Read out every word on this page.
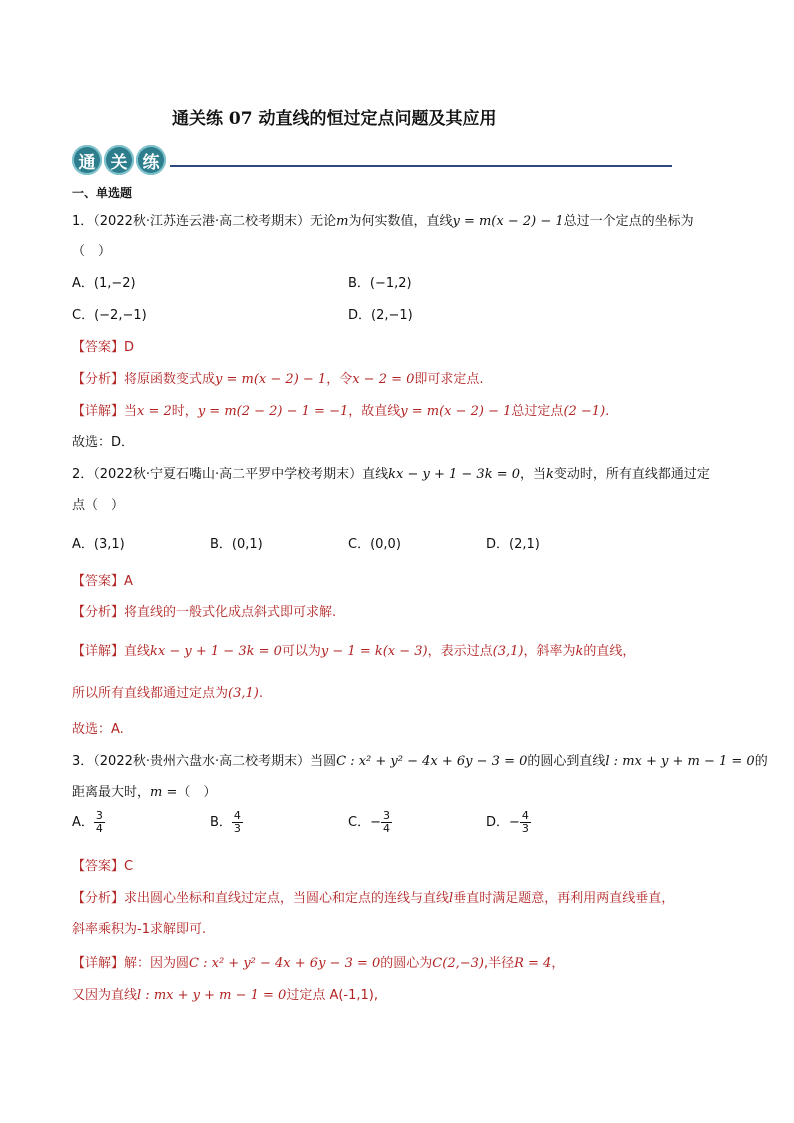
通关练 07 动直线的恒过定点问题及其应用
通 关 练
一、单选题
1．（2022秋·江苏连云港·高二校考期末）无论m为何实数值，直线y = m(x − 2) − 1总过一个定点的坐标为
（　）
A．(1,−2)	B．(−1,2)
C．(−2,−1)	D．(2,−1)
【答案】D
【分析】将原函数变式成y = m(x − 2) − 1，令x − 2 = 0即可求定点.
【详解】当x = 2时，y = m(2 − 2) − 1 = −1，故直线y = m(x − 2) − 1总过定点(2 −1).
故选：D．
2．（2022秋·宁夏石嘴山·高二平罗中学校考期末）直线kx − y + 1 − 3k = 0，当k变动时，所有直线都通过定
点（　）
A．(3,1)	B．(0,1)	C．(0,0)	D．(2,1)
【答案】A
【分析】将直线的一般式化成点斜式即可求解.
【详解】直线kx − y + 1 − 3k = 0可以为y − 1 = k(x − 3)，表示过点(3,1)，斜率为k的直线，
所以所有直线都通过定点为(3,1).
故选：A.
3．（2022秋·贵州六盘水·高二校考期末）当圆C : x² + y² − 4x + 6y − 3 = 0的圆心到直线l : mx + y + m − 1 = 0的
距离最大时，m =（　）
A． $\frac{3}{4}$	B． $\frac{4}{3}$	C．− $\frac{3}{4}$	D．− $\frac{4}{3}$
【答案】C
【分析】求出圆心坐标和直线过定点，当圆心和定点的连线与直线l垂直时满足题意，再利用两直线垂直，
斜率乘积为-1求解即可.
【详解】解：因为圆C : x² + y² − 4x + 6y − 3 = 0的圆心为C(2,−3),半径R = 4，
又因为直线l : mx + y + m − 1 = 0过定点 A(-1,1),
